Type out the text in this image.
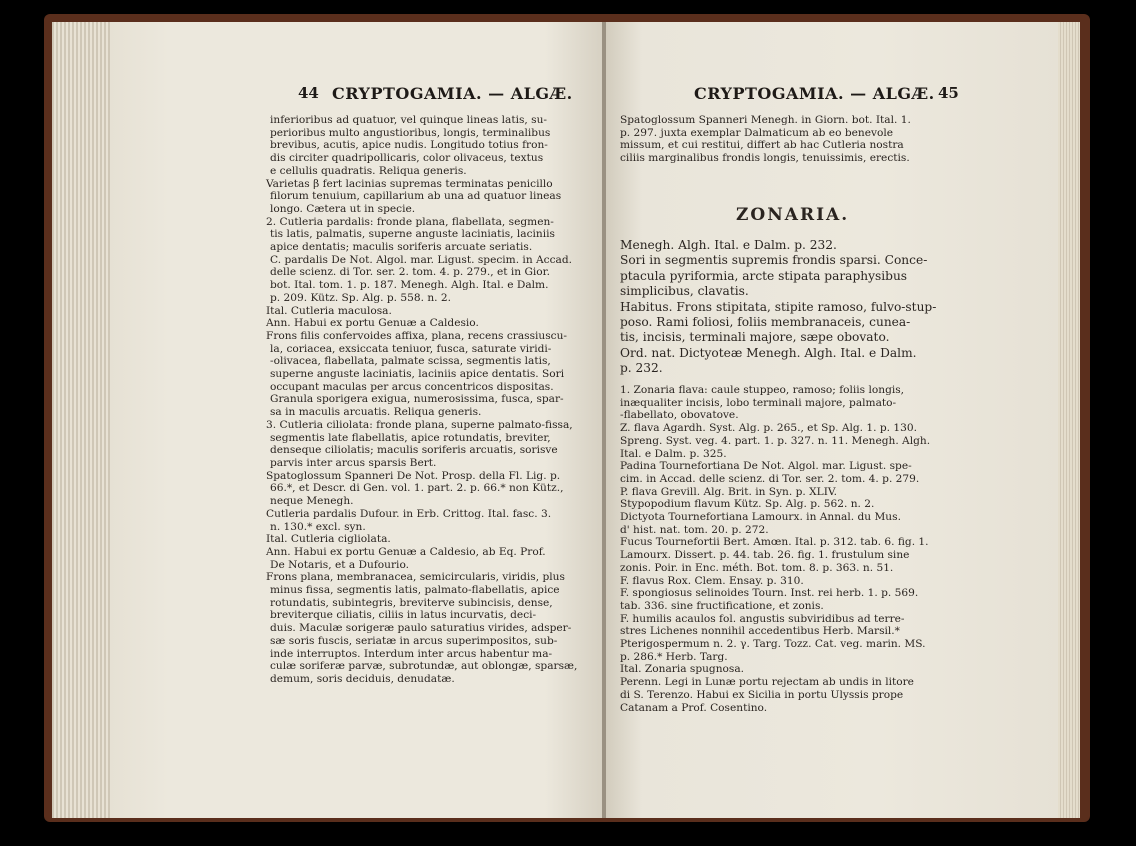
44 CRYPTOGAMIA. — ALGÆ.
inferioribus ad quatuor, vel quinque lineas latis, su-
perioribus multo angustioribus, longis, terminalibus
brevibus, acutis, apice nudis. Longitudo totius fron-
dis circiter quadripollicaris, color olivaceus, textus
e cellulis quadratis. Reliqua generis.
Varietas β fert lacinias supremas terminatas penicillo
filorum tenuium, capillarium ab una ad quatuor lineas
longo. Cætera ut in specie.
2. Cutleria pardalis: fronde plana, flabellata, segmen-
tis latis, palmatis, superne anguste laciniatis, laciniis
apice dentatis; maculis soriferis arcuate seriatis.
C. pardalis De Not. Algol. mar. Ligust. specim. in Accad.
delle scienz. di Tor. ser. 2. tom. 4. p. 279., et in Gior.
bot. Ital. tom. 1. p. 187. Menegh. Algh. Ital. e Dalm.
p. 209. Kütz. Sp. Alg. p. 558. n. 2.
Ital. Cutleria maculosa.
Ann. Habui ex portu Genuæ a Caldesio.
Frons filis confervoides affixa, plana, recens crassiuscu-
la, coriacea, exsiccata teniuor, fusca, saturate viridi-
-olivacea, flabellata, palmate scissa, segmentis latis,
superne anguste laciniatis, laciniis apice dentatis. Sori
occupant maculas per arcus concentricos dispositas.
Granula sporigera exigua, numerosissima, fusca, spar-
sa in maculis arcuatis. Reliqua generis.
3. Cutleria ciliolata: fronde plana, superne palmato-fissa,
segmentis late flabellatis, apice rotundatis, breviter,
denseque ciliolatis; maculis soriferis arcuatis, sorisve
parvis inter arcus sparsis Bert.
Spatoglossum Spanneri De Not. Prosp. della Fl. Lig. p.
66.*, et Descr. di Gen. vol. 1. part. 2. p. 66.* non Kütz.,
neque Menegh.
Cutleria pardalis Dufour. in Erb. Crittog. Ital. fasc. 3.
n. 130.* excl. syn.
Ital. Cutleria cigliolata.
Ann. Habui ex portu Genuæ a Caldesio, ab Eq. Prof.
De Notaris, et a Dufourio.
Frons plana, membranacea, semicircularis, viridis, plus
minus fissa, segmentis latis, palmato-flabellatis, apice
rotundatis, subintegris, breviterve subincisis, dense,
breviterque ciliatis, ciliis in latus incurvatis, deci-
duis. Maculæ sorigeræ paulo saturatius virides, adsper-
sæ soris fuscis, seriatæ in arcus superimpositos, sub-
inde interruptos. Interdum inter arcus habentur ma-
culæ soriferæ parvæ, subrotundæ, aut oblongæ, sparsæ,
demum, soris deciduis, denudatæ.
CRYPTOGAMIA. — ALGÆ. 45
Spatoglossum Spanneri Menegh. in Giorn. bot. Ital. 1.
p. 297. juxta exemplar Dalmaticum ab eo benevole
missum, et cui restitui, differt ab hac Cutleria nostra
ciliis marginalibus frondis longis, tenuissimis, erectis.
ZONARIA.
Menegh. Algh. Ital. e Dalm. p. 232.
Sori in segmentis supremis frondis sparsi. Conce-
ptacula pyriformia, arcte stipata paraphysibus
simplicibus, clavatis.
Habitus. Frons stipitata, stipite ramoso, fulvo-stup-
poso. Rami foliosi, foliis membranaceis, cunea-
tis, incisis, terminali majore, sæpe obovato.
Ord. nat. Dictyoteæ Menegh. Algh. Ital. e Dalm.
p. 232.
1. Zonaria flava: caule stuppeo, ramoso; foliis longis,
inæqualiter incisis, lobo terminali majore, palmato-
-flabellato, obovatove.
Z. flava Agardh. Syst. Alg. p. 265., et Sp. Alg. 1. p. 130.
Spreng. Syst. veg. 4. part. 1. p. 327. n. 11. Menegh. Algh.
Ital. e Dalm. p. 325.
Padina Tournefortiana De Not. Algol. mar. Ligust. spe-
cim. in Accad. delle scienz. di Tor. ser. 2. tom. 4. p. 279.
P. flava Grevill. Alg. Brit. in Syn. p. XLIV.
Stypopodium flavum Kütz. Sp. Alg. p. 562. n. 2.
Dictyota Tournefortiana Lamourx. in Annal. du Mus.
d' hist. nat. tom. 20. p. 272.
Fucus Tournefortii Bert. Amœn. Ital. p. 312. tab. 6. fig. 1.
Lamourx. Dissert. p. 44. tab. 26. fig. 1. frustulum sine
zonis. Poir. in Enc. méth. Bot. tom. 8. p. 363. n. 51.
F. flavus Rox. Clem. Ensay. p. 310.
F. spongiosus selinoides Tourn. Inst. rei herb. 1. p. 569.
tab. 336. sine fructificatione, et zonis.
F. humilis acaulos fol. angustis subviridibus ad terre-
stres Lichenes nonnihil accedentibus Herb. Marsil.*
Pterigospermum n. 2. γ. Targ. Tozz. Cat. veg. marin. MS.
p. 286.* Herb. Targ.
Ital. Zonaria spugnosa.
Perenn. Legi in Lunæ portu rejectam ab undis in litore
di S. Terenzo. Habui ex Sicilia in portu Ulyssis prope
Catanam a Prof. Cosentino.
